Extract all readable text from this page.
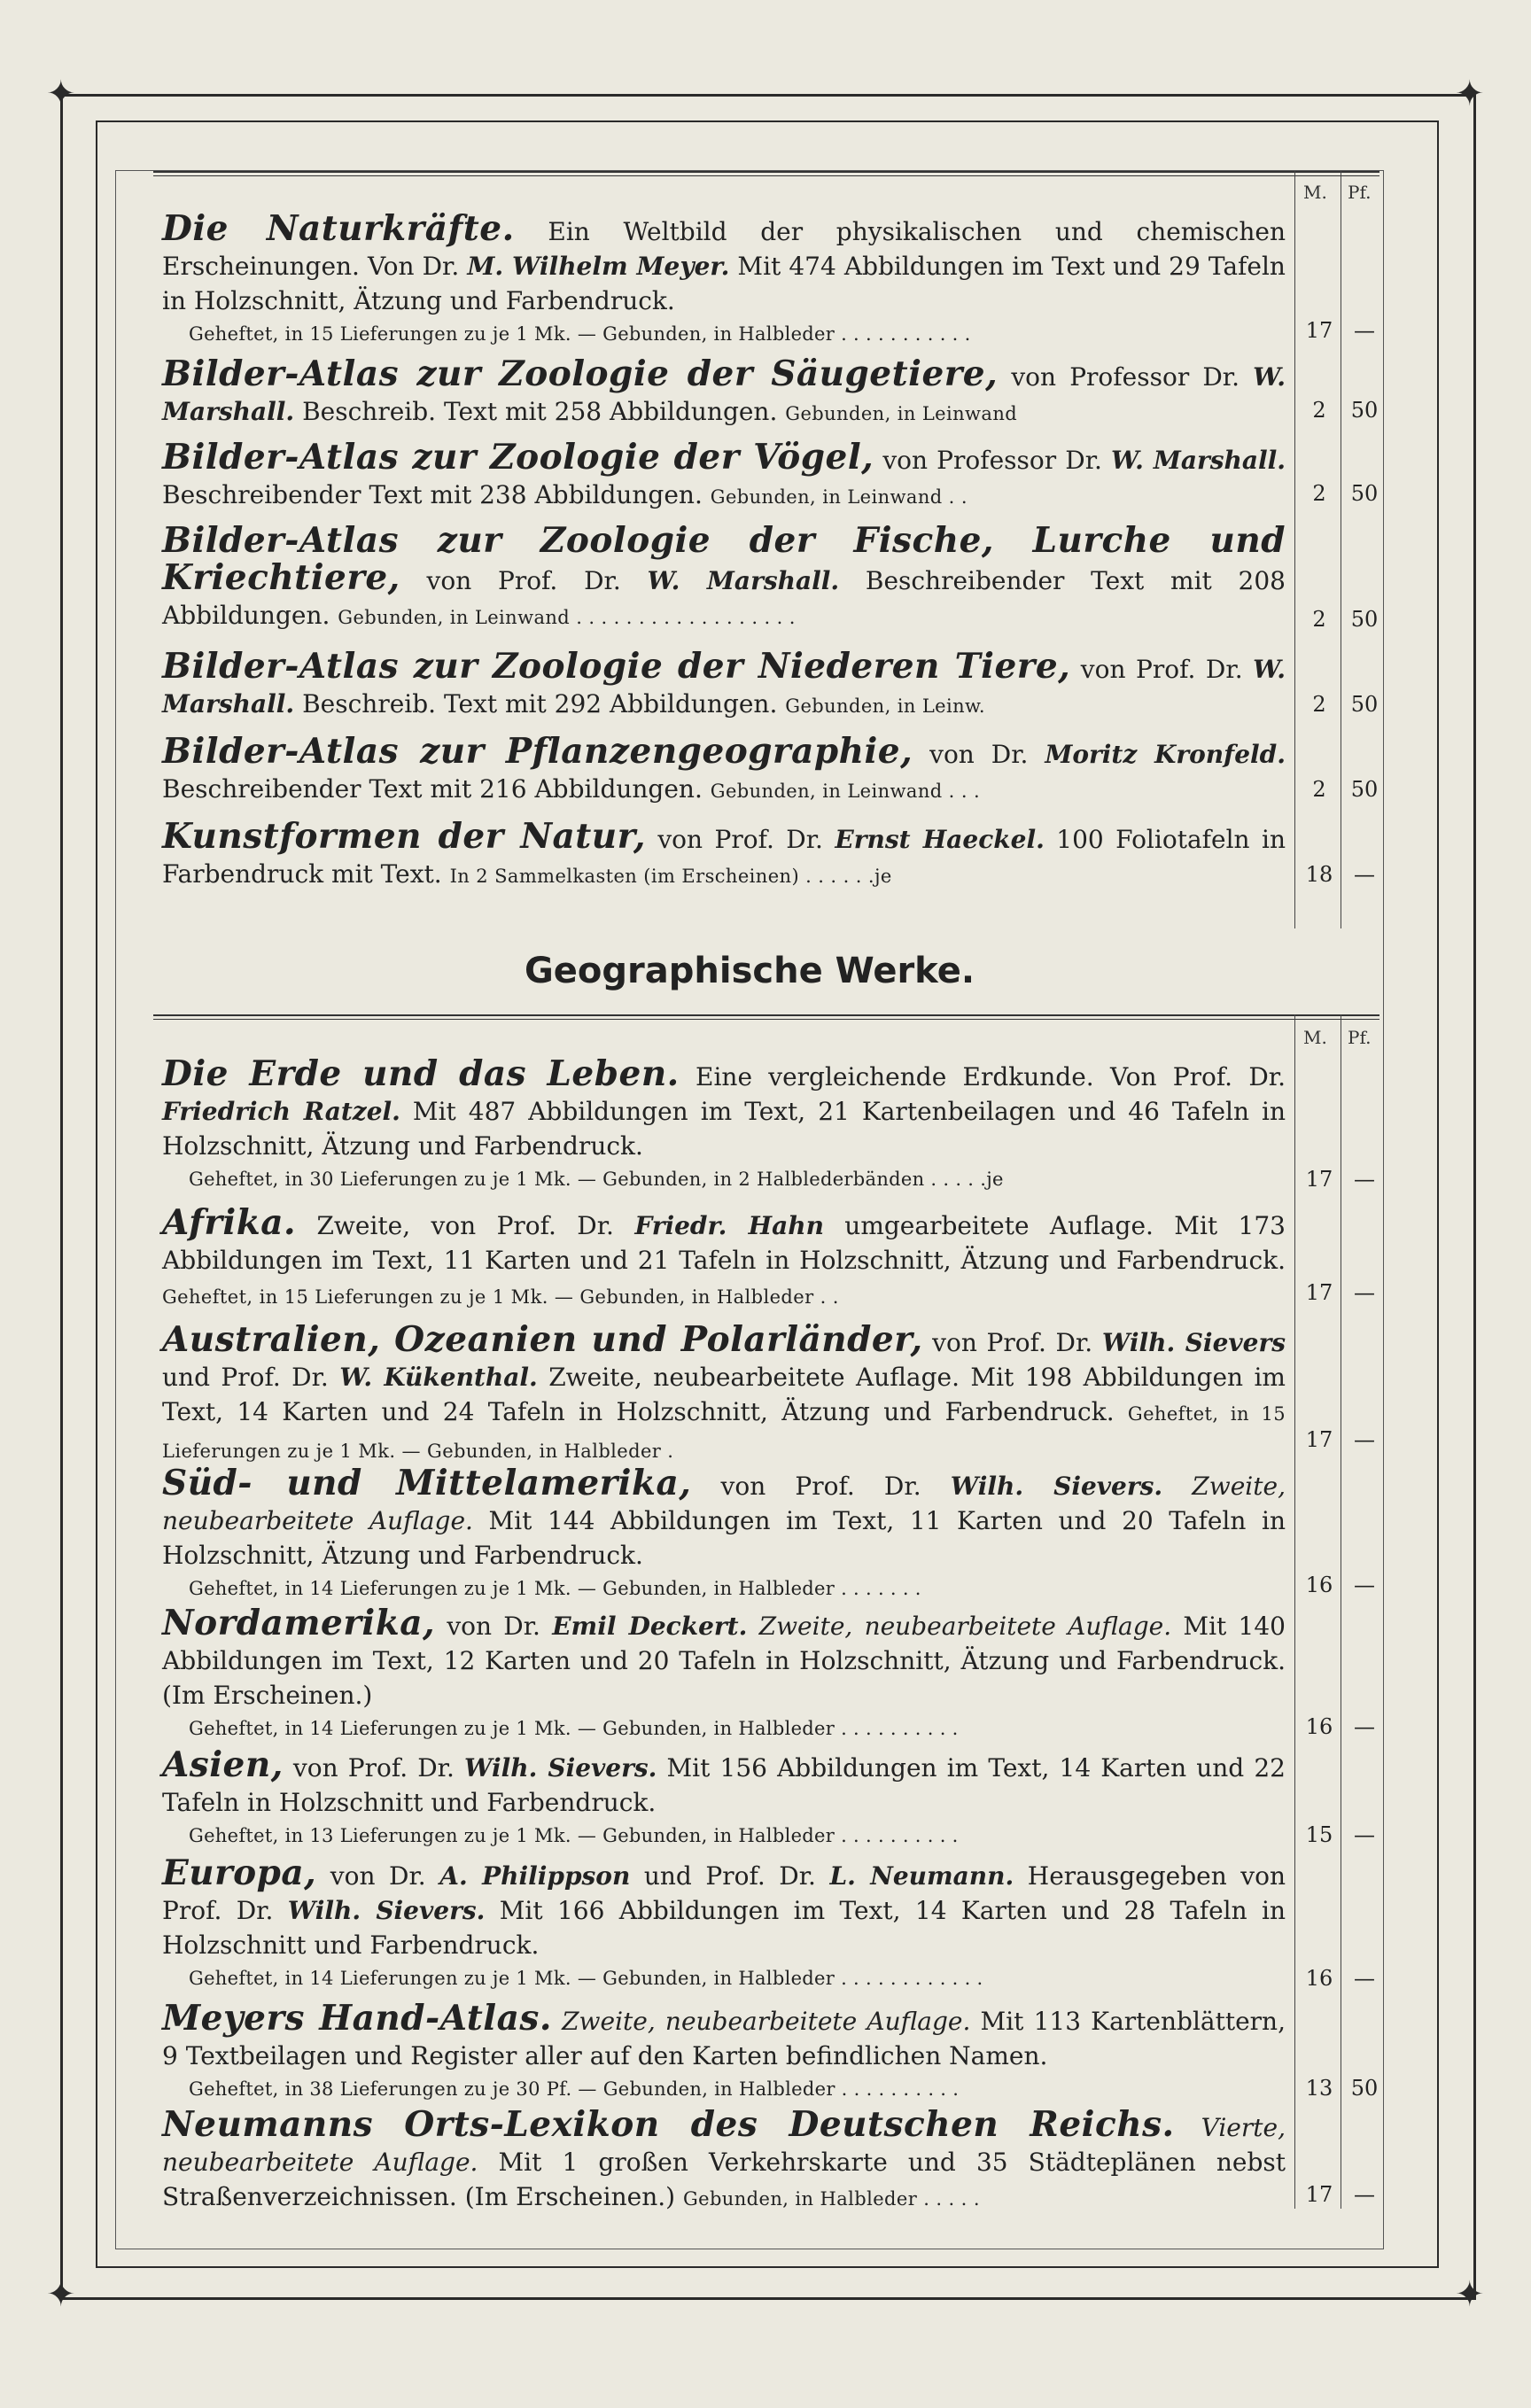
✦	✦
✦	✦
M. Pf.
Die Naturkräfte. Ein Weltbild der physikalischen und chemischen Erscheinungen. Von Dr. M. Wilhelm Meyer. Mit 474 Abbildungen im Text und 29 Tafeln in Holzschnitt, Ätzung und Farbendruck.
Geheftet, in 15 Lieferungen zu je 1 Mk. — Gebunden, in Halbleder . . . . . . . . . . .	17 —
Bilder-Atlas zur Zoologie der Säugetiere, von Professor Dr. W. Marshall. Beschreib. Text mit 258 Abbildungen. Gebunden, in Leinwand	2	50
Bilder-Atlas zur Zoologie der Vögel, von Professor Dr. W. Marshall. Beschreibender Text mit 238 Abbildungen. Gebunden, in Leinwand . .	2	50
Bilder-Atlas zur Zoologie der Fische, Lurche und Kriechtiere, von Prof. Dr. W. Marshall. Beschreibender Text mit 208 Abbildungen. Gebunden, in Leinwand . . . . . . . . . . . . . . . . . .	2	50
Bilder-Atlas zur Zoologie der Niederen Tiere, von Prof. Dr. W. Marshall. Beschreib. Text mit 292 Abbildungen. Gebunden, in Leinw.	2	50
Bilder-Atlas zur Pflanzengeographie, von Dr. Moritz Kronfeld. Beschreibender Text mit 216 Abbildungen. Gebunden, in Leinwand . . .	2	50
Kunstformen der Natur, von Prof. Dr. Ernst Haeckel. 100 Foliotafeln in Farbendruck mit Text. In 2 Sammelkasten (im Erscheinen) . . . . . .je	18 —
Geographische Werke.
M. Pf.
Die Erde und das Leben. Eine vergleichende Erdkunde. Von Prof. Dr. Friedrich Ratzel. Mit 487 Abbildungen im Text, 21 Kartenbeilagen und 46 Tafeln in Holzschnitt, Ätzung und Farbendruck.
Geheftet, in 30 Lieferungen zu je 1 Mk. — Gebunden, in 2 Halblederbänden . . . . .je	17 —
Afrika. Zweite, von Prof. Dr. Friedr. Hahn umgearbeitete Auflage. Mit 173 Abbildungen im Text, 11 Karten und 21 Tafeln in Holzschnitt, Ätzung und Farbendruck. Geheftet, in 15 Lieferungen zu je 1 Mk. — Gebunden, in Halbleder . .	17 —
Australien, Ozeanien und Polarländer, von Prof. Dr. Wilh. Sievers und Prof. Dr. W. Kükenthal. Zweite, neubearbeitete Auflage. Mit 198 Abbildungen im Text, 14 Karten und 24 Tafeln in Holzschnitt, Ätzung und Farbendruck. Geheftet, in 15 Lieferungen zu je 1 Mk. — Gebunden, in Halbleder .	17 —
Süd- und Mittelamerika, von Prof. Dr. Wilh. Sievers. Zweite, neubearbeitete Auflage. Mit 144 Abbildungen im Text, 11 Karten und 20 Tafeln in Holzschnitt, Ätzung und Farbendruck.
Geheftet, in 14 Lieferungen zu je 1 Mk. — Gebunden, in Halbleder . . . . . . .	16 —
Nordamerika, von Dr. Emil Deckert. Zweite, neubearbeitete Auflage. Mit 140 Abbildungen im Text, 12 Karten und 20 Tafeln in Holzschnitt, Ätzung und Farbendruck. (Im Erscheinen.)
Geheftet, in 14 Lieferungen zu je 1 Mk. — Gebunden, in Halbleder . . . . . . . . . .	16 —
Asien, von Prof. Dr. Wilh. Sievers. Mit 156 Abbildungen im Text, 14 Karten und 22 Tafeln in Holzschnitt und Farbendruck.
Geheftet, in 13 Lieferungen zu je 1 Mk. — Gebunden, in Halbleder . . . . . . . . . .	15 —
Europa, von Dr. A. Philippson und Prof. Dr. L. Neumann. Herausgegeben von Prof. Dr. Wilh. Sievers. Mit 166 Abbildungen im Text, 14 Karten und 28 Tafeln in Holzschnitt und Farbendruck.
Geheftet, in 14 Lieferungen zu je 1 Mk. — Gebunden, in Halbleder . . . . . . . . . . . .	16 —
Meyers Hand-Atlas. Zweite, neubearbeitete Auflage. Mit 113 Kartenblättern, 9 Textbeilagen und Register aller auf den Karten befindlichen Namen.
Geheftet, in 38 Lieferungen zu je 30 Pf. — Gebunden, in Halbleder . . . . . . . . . .	13 50
Neumanns Orts-Lexikon des Deutschen Reichs. Vierte, neubearbeitete Auflage. Mit 1 großen Verkehrskarte und 35 Städteplänen nebst Straßenverzeichnissen. (Im Erscheinen.) Gebunden, in Halbleder . . . . .	17 —
